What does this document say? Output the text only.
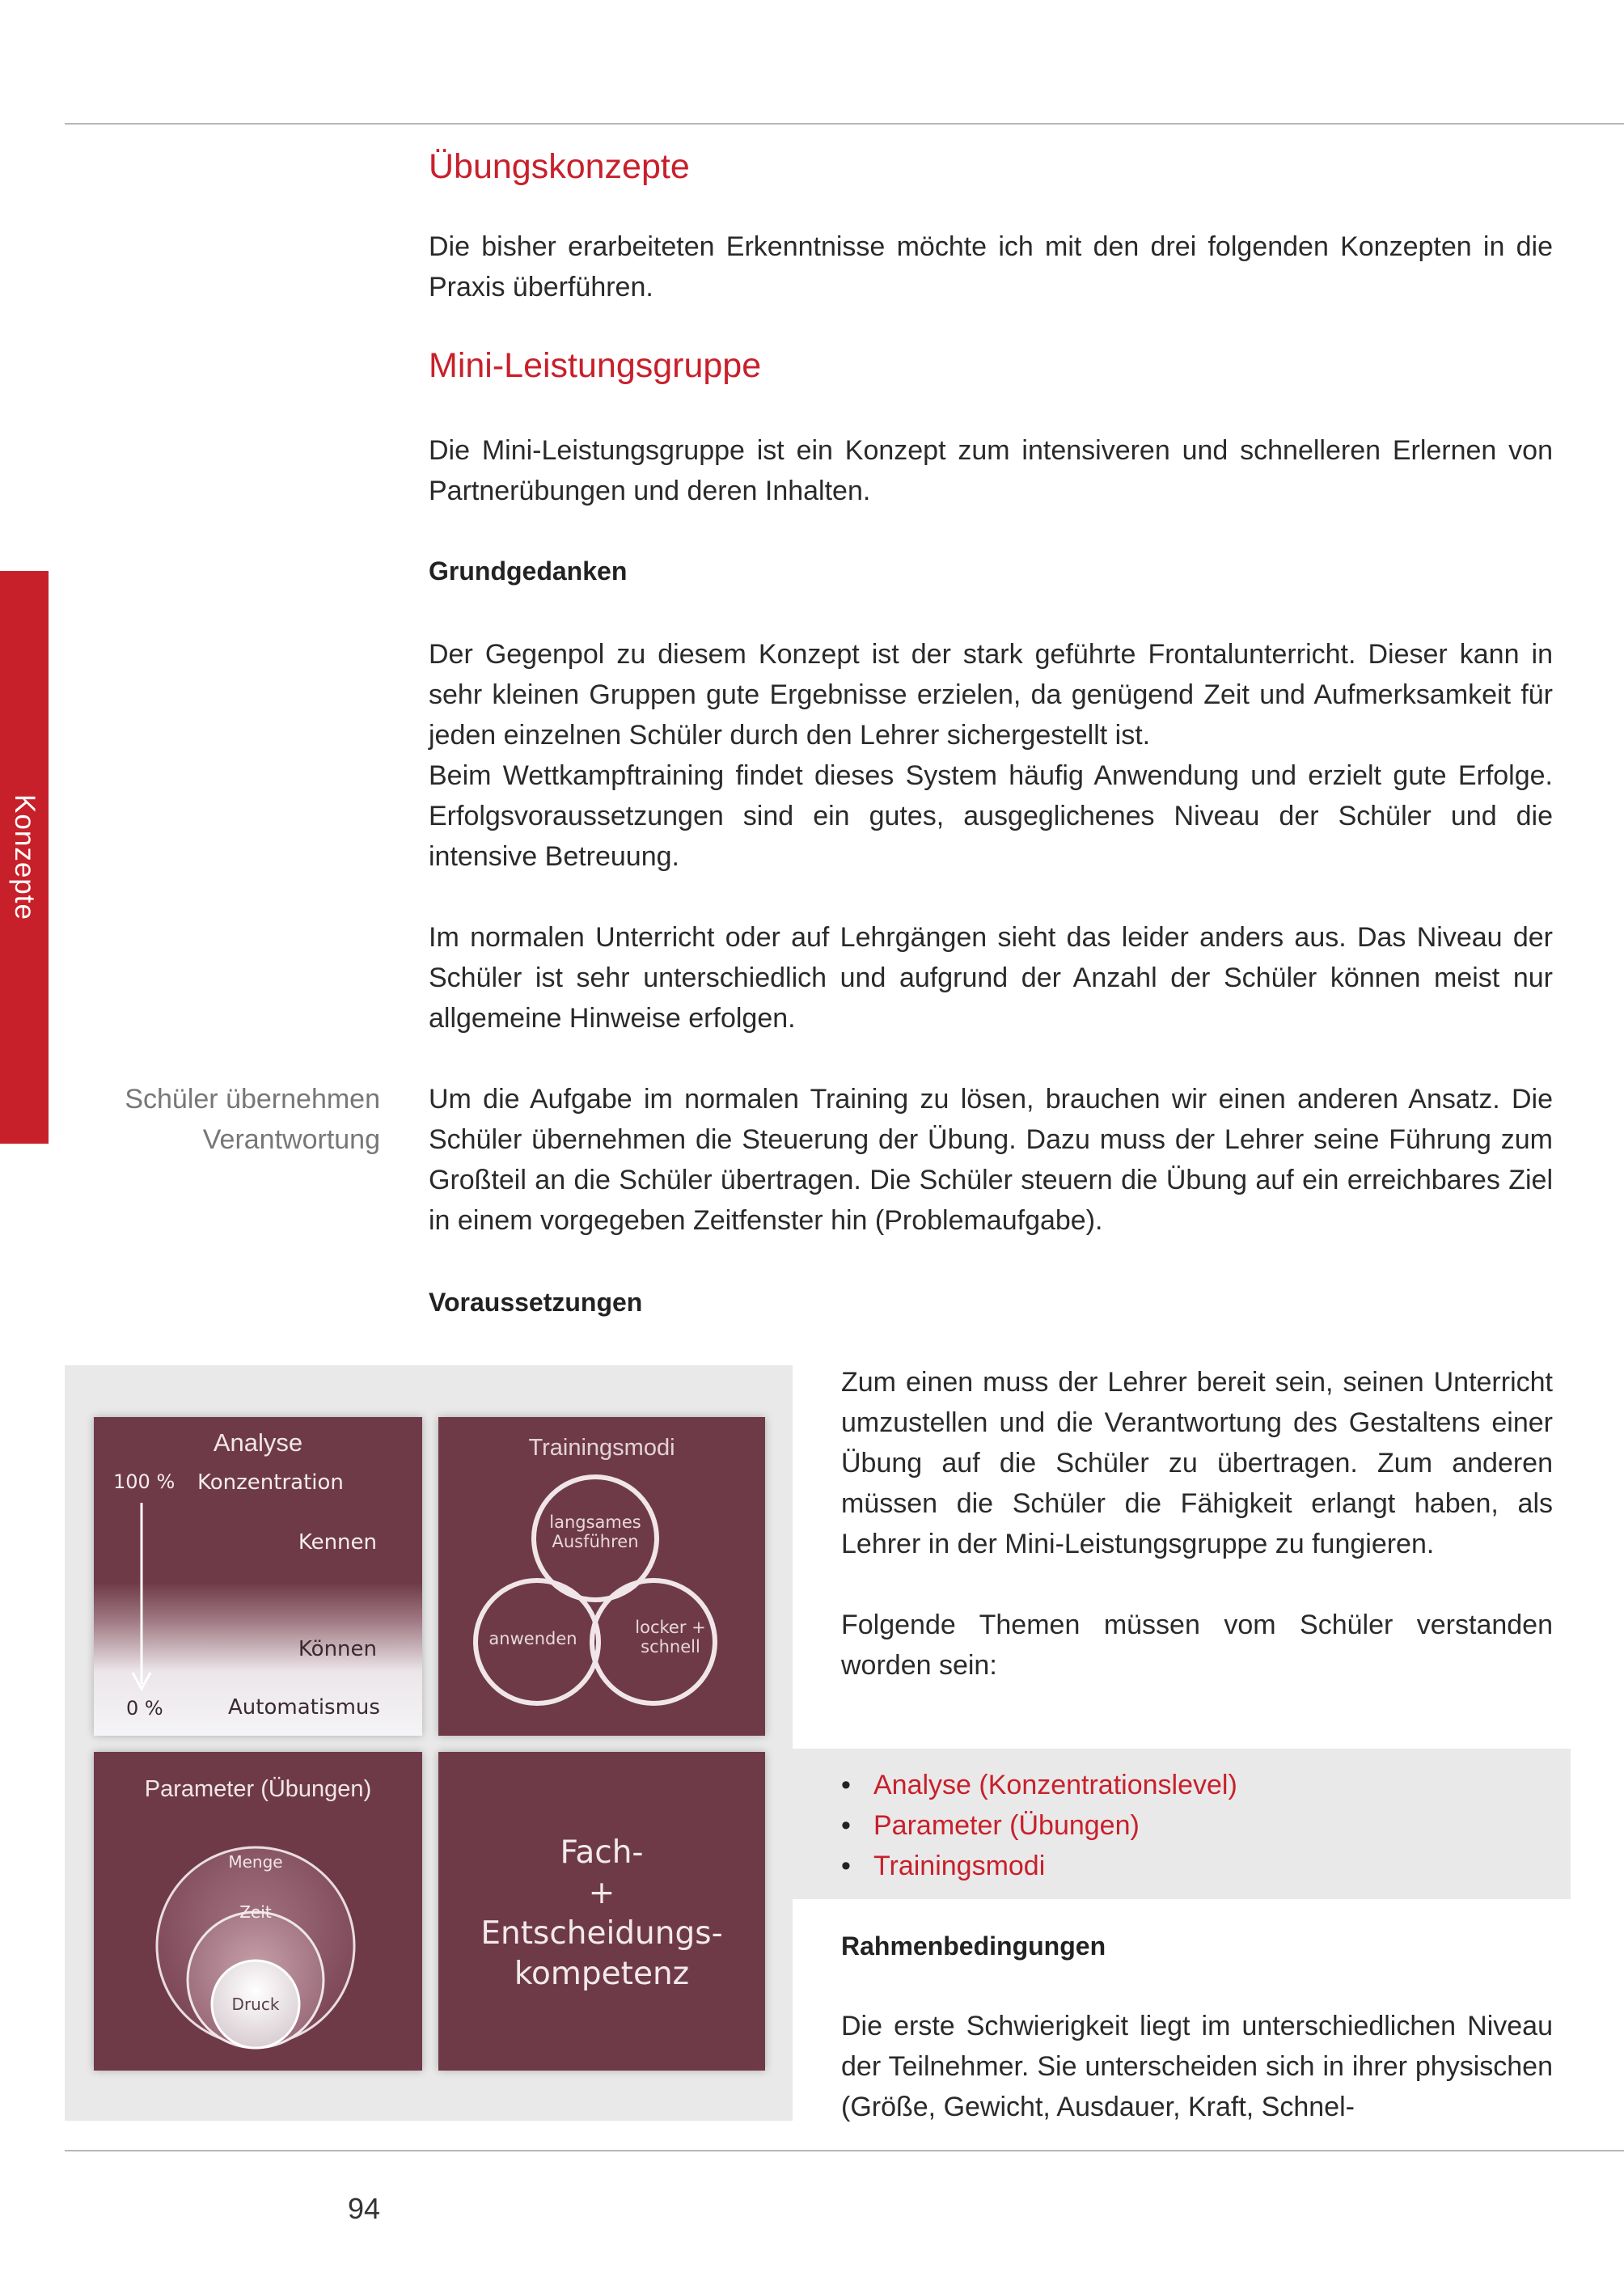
Konzepte
Übungskonzepte

Die bisher erarbeiteten Erkenntnisse möchte ich mit den drei folgenden Konzepten in die Praxis überführen.

Mini-Leistungsgruppe

Die Mini-Leistungsgruppe ist ein Konzept zum intensiveren und schnelleren Erlernen von Partnerübungen und deren Inhalten.

Grundgedanken

Der Gegenpol zu diesem Konzept ist der stark geführte Frontalunterricht. Dieser kann in sehr kleinen Gruppen gute Ergebnisse erzielen, da genügend Zeit und Aufmerksamkeit für jeden einzelnen Schüler durch den Lehrer sichergestellt ist.

Beim Wettkampftraining findet dieses System häufig Anwendung und erzielt gute Erfolge. Erfolgsvoraussetzungen sind ein gutes, ausgeglichenes Niveau der Schüler und die intensive Betreuung.

Im normalen Unterricht oder auf Lehrgängen sieht das leider anders aus. Das Niveau der Schüler ist sehr unterschiedlich und aufgrund der Anzahl der Schüler können meist nur allgemeine Hinweise erfolgen.

Schüler übernehmen
Verantwortung

Um die Aufgabe im normalen Training zu lösen, brauchen wir einen anderen Ansatz. Die Schüler übernehmen die Steuerung der Übung. Dazu muss der Lehrer seine Führung zum Großteil an die Schüler übertragen. Die Schüler steuern die Übung auf ein erreichbares Ziel in einem vorgegeben Zeitfenster hin (Problemaufgabe).

Voraussetzungen
Analyse
100 % Konzentration
Kennen
Können
0 %	Automatismus
Trainingsmodi
langsames
Ausführen
anwenden
locker +
schnell
Parameter (Übungen)
Menge
Zeit
Druck
Fach-
+
Entscheidungs-
kompetenz

Zum einen muss der Lehrer bereit sein, seinen Unterricht umzustellen und die Verantwortung des Gestaltens einer Übung auf die Schüler zu übertragen. Zum anderen müssen die Schüler die Fähigkeit erlangt haben, als Lehrer in der Mini-Leistungsgruppe zu fungieren.

Folgende Themen müssen vom Schüler verstanden worden sein:

• Analyse (Konzentrationslevel)
• Parameter (Übungen)
• Trainingsmodi
Rahmenbedingungen

Die erste Schwierigkeit liegt im unterschiedlichen Niveau der Teilnehmer. Sie unterscheiden sich in ihrer physischen (Größe, Gewicht, Ausdauer, Kraft, Schnel-

94
